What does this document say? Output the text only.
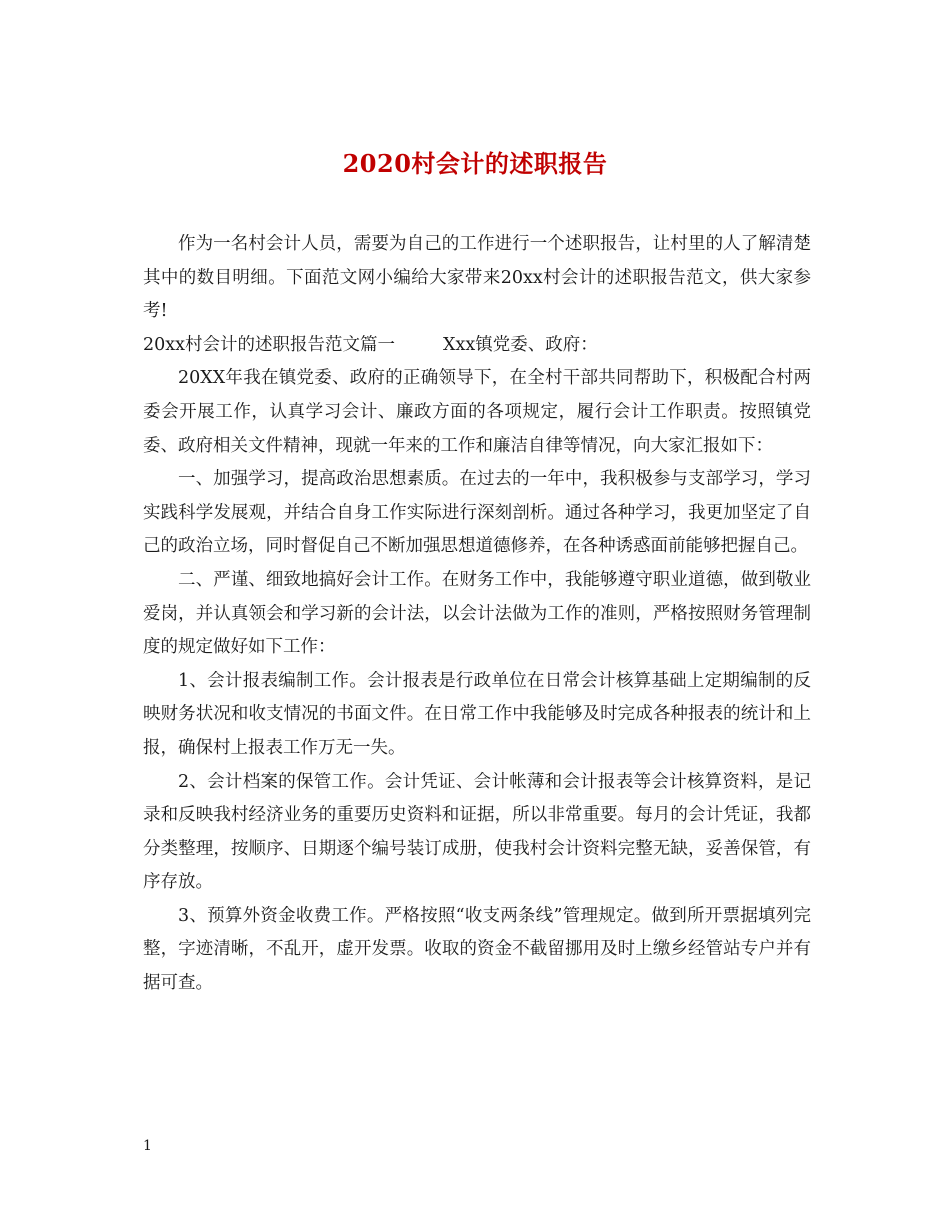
2020村会计的述职报告

作为一名村会计人员，需要为自己的工作进行一个述职报告，让村里的人了解清楚其中的数目明细。下面范文网小编给大家带来20xx村会计的述职报告范文，供大家参考!

20xx村会计的述职报告范文篇一	Xxx镇党委、政府：

20XX年我在镇党委、政府的正确领导下，在全村干部共同帮助下，积极配合村两委会开展工作，认真学习会计、廉政方面的各项规定，履行会计工作职责。按照镇党委、政府相关文件精神，现就一年来的工作和廉洁自律等情况，向大家汇报如下：

一、加强学习，提高政治思想素质。在过去的一年中，我积极参与支部学习，学习实践科学发展观，并结合自身工作实际进行深刻剖析。通过各种学习，我更加坚定了自己的政治立场，同时督促自己不断加强思想道德修养，在各种诱惑面前能够把握自己。

二、严谨、细致地搞好会计工作。在财务工作中，我能够遵守职业道德，做到敬业爱岗，并认真领会和学习新的会计法，以会计法做为工作的准则，严格按照财务管理制度的规定做好如下工作：

1、会计报表编制工作。会计报表是行政单位在日常会计核算基础上定期编制的反映财务状况和收支情况的书面文件。在日常工作中我能够及时完成各种报表的统计和上报，确保村上报表工作万无一失。

2、会计档案的保管工作。会计凭证、会计帐薄和会计报表等会计核算资料，是记录和反映我村经济业务的重要历史资料和证据，所以非常重要。每月的会计凭证，我都分类整理，按顺序、日期逐个编号装订成册，使我村会计资料完整无缺，妥善保管，有序存放。

3、预算外资金收费工作。严格按照“收支两条线”管理规定。做到所开票据填列完整，字迹清晰，不乱开，虚开发票。收取的资金不截留挪用及时上缴乡经管站专户并有据可查。

1
